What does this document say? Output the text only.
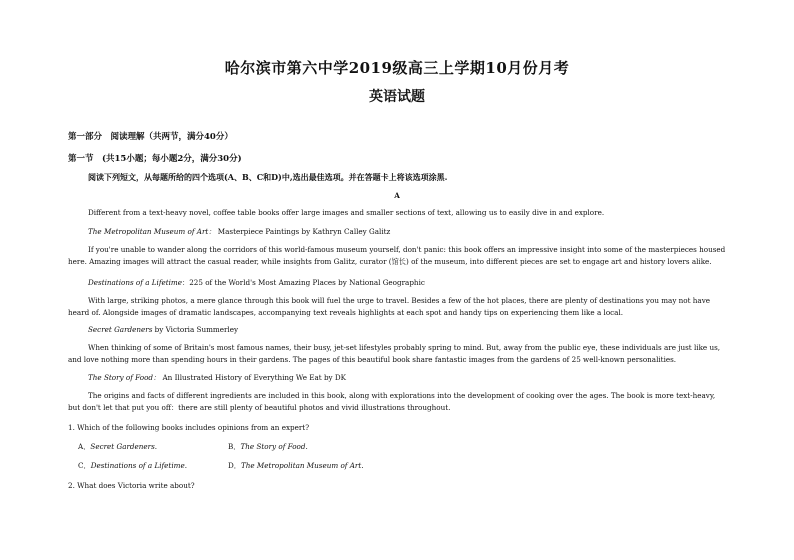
哈尔滨市第六中学2019级高三上学期10月份月考
英语试题
第一部分　阅读理解（共两节，满分40分）
第一节　(共15小题；每小题2分，满分30分)
阅读下列短文，从每题所给的四个选项(A、B、C和D)中,选出最佳选项。并在答题卡上将该选项涂黑.
A
Different from a text-heavy novel, coffee table books offer large images and smaller sections of text, allowing us to easily dive in and explore.
The Metropolitan Museum of Art： Masterpiece Paintings by Kathryn Calley Galitz
If you're unable to wander along the corridors of this world-famous museum yourself, don't panic: this book offers an impressive insight into some of the masterpieces housed here. Amazing images will attract the casual reader, while insights from Galitz, curator (馆长) of the museum, into different pieces are set to engage art and history lovers alike.
Destinations of a Lifetime：225 of the World's Most Amazing Places by National Geographic
With large, striking photos, a mere glance through this book will fuel the urge to travel. Besides a few of the hot places, there are plenty of destinations you may not have heard of. Alongside images of dramatic landscapes, accompanying text reveals highlights at each spot and handy tips on experiencing them like a local.
Secret Gardeners by Victoria Summerley
When thinking of some of Britain's most famous names, their busy, jet-set lifestyles probably spring to mind. But, away from the public eye, these individuals are just like us, and love nothing more than spending hours in their gardens. The pages of this beautiful book share fantastic images from the gardens of 25 well-known personalities.
The Story of Food： An Illustrated History of Everything We Eat by DK
The origins and facts of different ingredients are included in this book, along with explorations into the development of cooking over the ages. The book is more text-heavy, but don't let that put you off：there are still plenty of beautiful photos and vivid illustrations throughout.
1. Which of the following books includes opinions from an expert?
A．Secret Gardeners.	B．The Story of Food.
C．Destinations of a Lifetime.	D．The Metropolitan Museum of Art.
2. What does Victoria write about?
